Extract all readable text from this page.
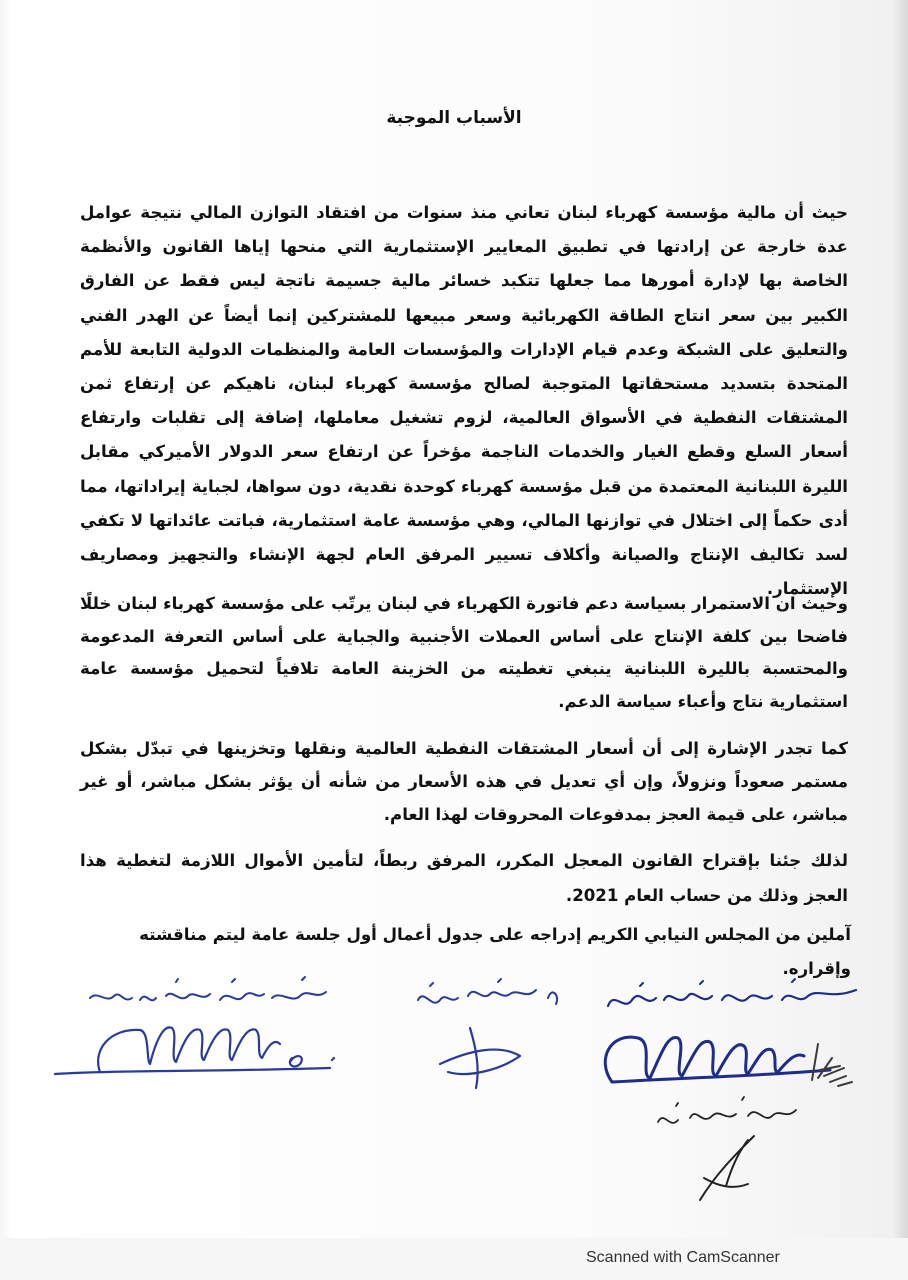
الأسباب الموجبة

حيث أن مالية مؤسسة كهرباء لبنان تعاني منذ سنوات من افتقاد التوازن المالي نتيجة عوامل عدة خارجة عن إرادتها في تطبيق المعايير الإستثمارية التي منحها إياها القانون والأنظمة الخاصة بها لإدارة أمورها مما جعلها تتكبد خسائر مالية جسيمة ناتجة ليس فقط عن الفارق الكبير بين سعر انتاج الطاقة الكهربائية وسعر مبيعها للمشتركين إنما أيضاً عن الهدر الفني والتعليق على الشبكة وعدم قيام الإدارات والمؤسسات العامة والمنظمات الدولية التابعة للأمم المتحدة بتسديد مستحقاتها المتوجبة لصالح مؤسسة كهرباء لبنان، ناهيكم عن إرتفاع ثمن المشتقات النفطية في الأسواق العالمية، لزوم تشغيل معاملها، إضافة إلى تقلبات وارتفاع أسعار السلع وقطع الغيار والخدمات الناجمة مؤخراً عن ارتفاع سعر الدولار الأميركي مقابل الليرة اللبنانية المعتمدة من قبل مؤسسة كهرباء كوحدة نقدية، دون سواها، لجباية إيراداتها، مما أدى حكماً إلى اختلال في توازنها المالي، وهي مؤسسة عامة استثمارية، فباتت عائداتها لا تكفي لسد تكاليف الإنتاج والصيانة وأكلاف تسيير المرفق العام لجهة الإنشاء والتجهيز ومصاريف الإستثمار.

وحيث ان الاستمرار بسياسة دعم فاتورة الكهرباء في لبنان يرتّب على مؤسسة كهرباء لبنان خللًا فاضحا بين كلفة الإنتاج على أساس العملات الأجنبية والجباية على أساس التعرفة المدعومة والمحتسبة بالليرة اللبنانية ينبغي تغطيته من الخزينة العامة تلافياً لتحميل مؤسسة عامة استثمارية نتاج وأعباء سياسة الدعم.

كما تجدر الإشارة إلى أن أسعار المشتقات النفطية العالمية ونقلها وتخزينها في تبدّل بشكل مستمر صعوداً ونزولاً، وإن أي تعديل في هذه الأسعار من شأنه أن يؤثر بشكل مباشر، أو غير مباشر، على قيمة العجز بمدفوعات المحروقات لهذا العام.

لذلك جئنا بإقتراح القانون المعجل المكرر، المرفق ربطاً، لتأمين الأموال اللازمة لتغطية هذا العجز وذلك من حساب العام 2021.

آملين من المجلس النيابي الكريم إدراجه على جدول أعمال أول جلسة عامة ليتم مناقشته وإقراره.

Scanned with CamScanner
